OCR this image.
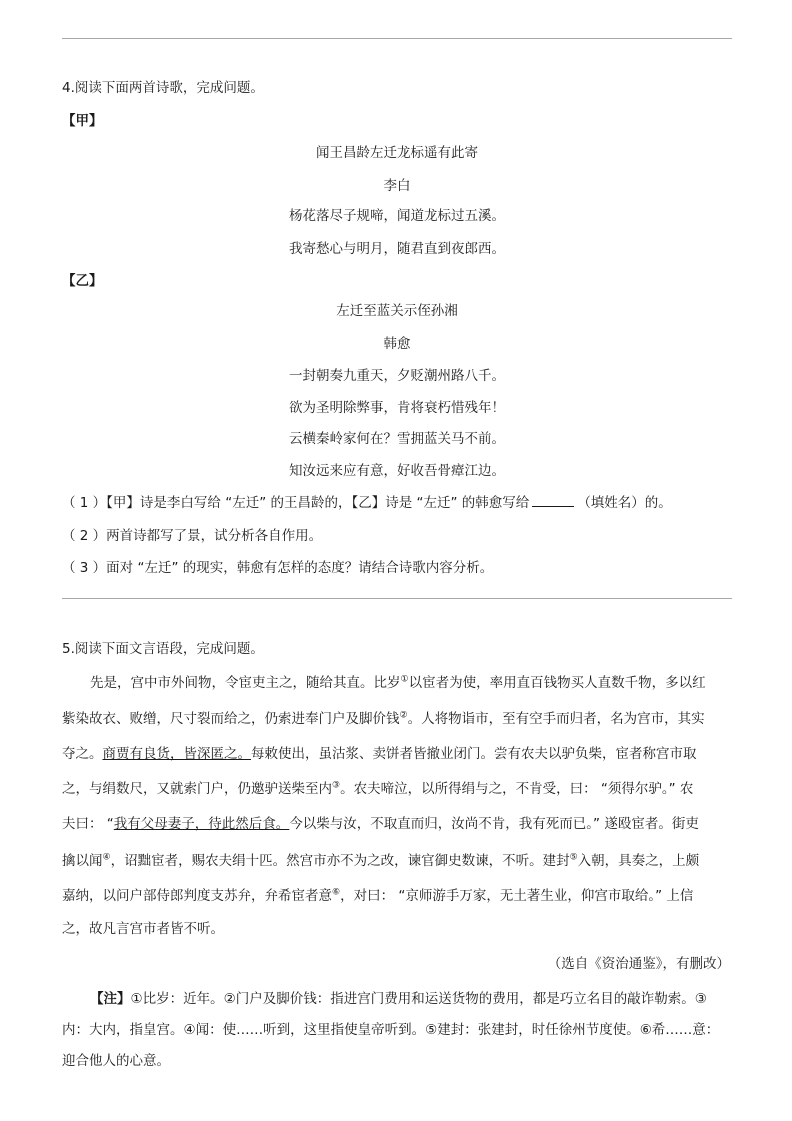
4.阅读下面两首诗歌，完成问题。
【甲】
闻王昌龄左迁龙标遥有此寄
李白
杨花落尽子规啼，闻道龙标过五溪。
我寄愁心与明月，随君直到夜郎西。
【乙】
左迁至蓝关示侄孙湘
韩愈
一封朝奏九重天，夕贬潮州路八千。
欲为圣明除弊事，肯将衰朽惜残年！
云横秦岭家何在？雪拥蓝关马不前。
知汝远来应有意，好收吾骨瘴江边。
（ 1 ）【甲】诗是李白写给 “左迁” 的王昌龄的，【乙】诗是 “左迁” 的韩愈写给	（填姓名）的。
（ 2 ）两首诗都写了景，试分析各自作用。
（ 3 ）面对 “左迁” 的现实，韩愈有怎样的态度？请结合诗歌内容分析。
5.阅读下面文言语段，完成问题。
先是，宫中市外间物，令宦吏主之，随给其直。比岁①以宦者为使，率用直百钱物买人直数千物，多以红
紫染故衣、败缯，尺寸裂而给之，仍索进奉门户及脚价钱②。人将物诣市，至有空手而归者，名为宫市，其实
夺之。商贾有良货，皆深匿之。每敕使出，虽沽浆、卖饼者皆撤业闭门。尝有农夫以驴负柴，宦者称宫市取
之，与绢数尺，又就索门户，仍邀驴送柴至内③。农夫啼泣，以所得绢与之，不肯受，曰： “须得尔驴。” 农
夫曰： “我有父母妻子，待此然后食。今以柴与汝，不取直而归，汝尚不肯，我有死而已。” 遂殴宦者。街吏
擒以闻④，诏黜宦者，赐农夫绢十匹。然宫市亦不为之改，谏官御史数谏，不听。建封⑤入朝，具奏之，上颇
嘉纳，以问户部侍郎判度支苏弁，弁希宦者意⑥，对曰： “京师游手万家，无土著生业，仰宫市取给。” 上信
之，故凡言宫市者皆不听。
（选自《资治通鉴》，有删改）
【注】①比岁：近年。②门户及脚价钱：指进宫门费用和运送货物的费用，都是巧立名目的敲诈勒索。③
内：大内，指皇宫。④闻：使……听到，这里指使皇帝听到。⑤建封：张建封，时任徐州节度使。⑥希……意：
迎合他人的心意。
